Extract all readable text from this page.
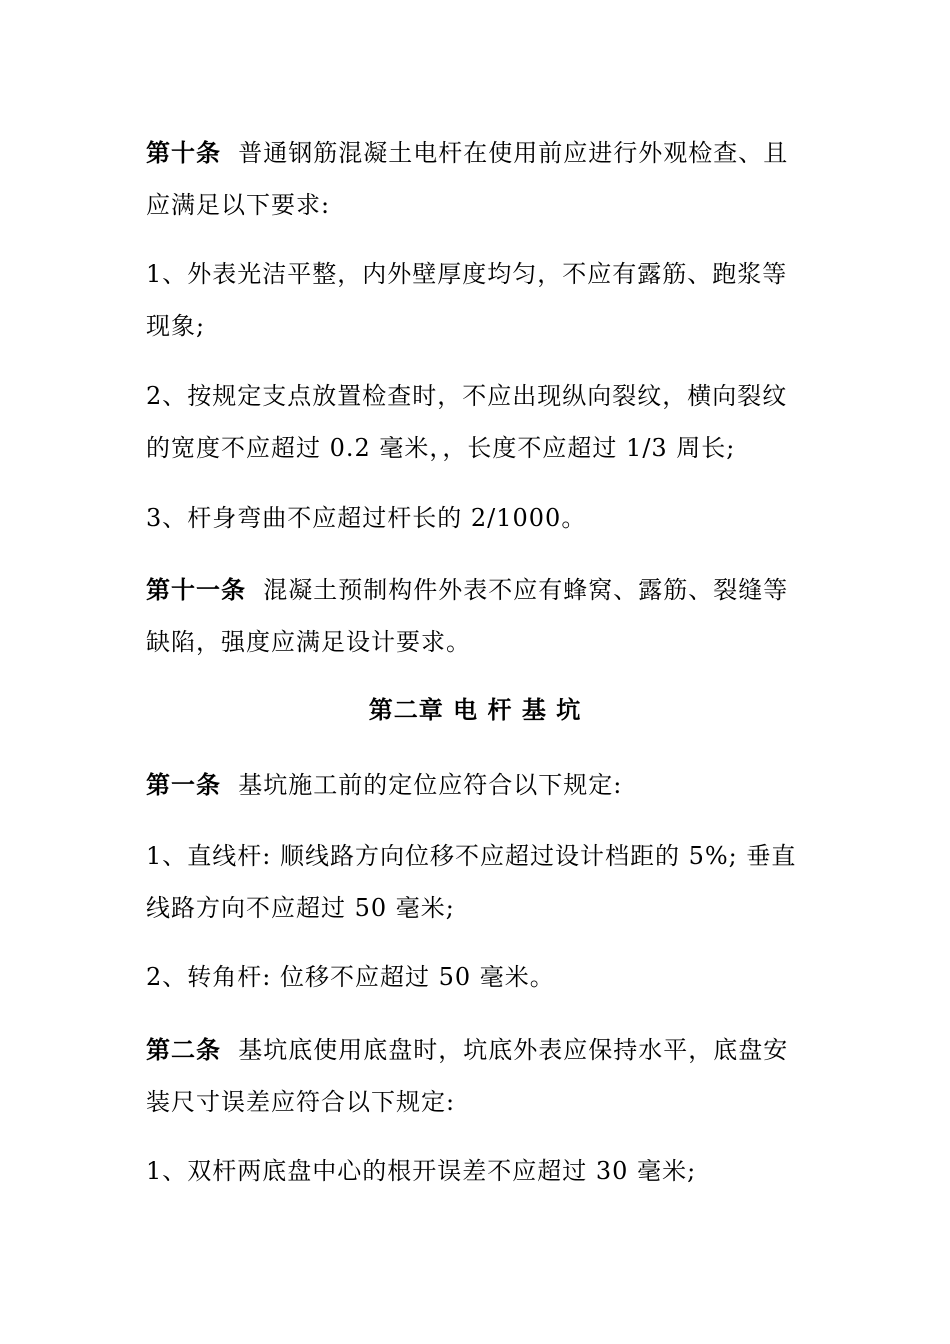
第十条 普通钢筋混凝土电杆在使用前应进行外观检查、且
应满足以下要求:

1、外表光洁平整，内外壁厚度均匀，不应有露筋、跑浆等
现象;

2、按规定支点放置检查时，不应出现纵向裂纹，横向裂纹
的宽度不应超过 0.2 毫米，，长度不应超过 1/3 周长;

3、杆身弯曲不应超过杆长的 2/1000。

第十一条 混凝土预制构件外表不应有蜂窝、露筋、裂缝等
缺陷，强度应满足设计要求。

第二章 电 杆 基 坑

第一条 基坑施工前的定位应符合以下规定:

1、直线杆: 顺线路方向位移不应超过设计档距的 5%; 垂直
线路方向不应超过 50 毫米;

2、转角杆: 位移不应超过 50 毫米。

第二条 基坑底使用底盘时，坑底外表应保持水平，底盘安
装尺寸误差应符合以下规定:

1、双杆两底盘中心的根开误差不应超过 30 毫米;
